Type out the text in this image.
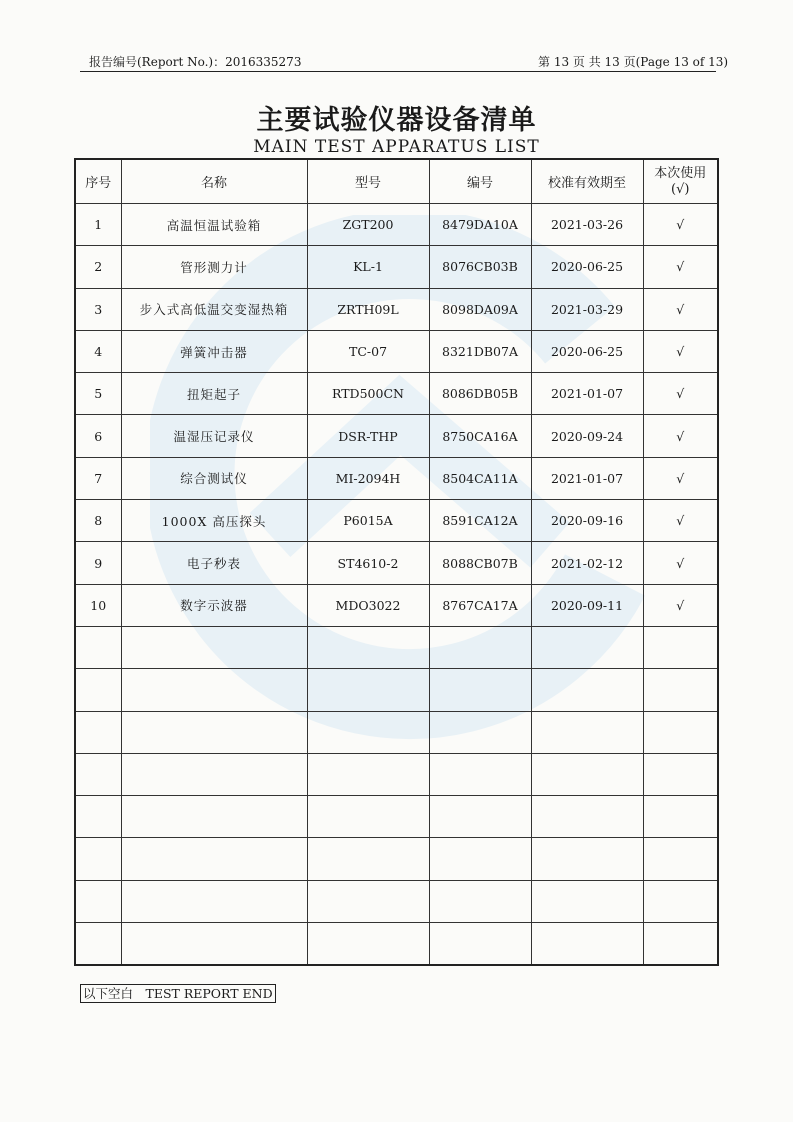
报告编号(Report No.)：2016335273	第 13 页 共 13 页(Page 13 of 13)
主要试验仪器设备清单
MAIN TEST APPARATUS LIST
序号	名称	型号	编号	校准有效期至	本次使用
(√)

1	高温恒温试验箱	ZGT200	8479DA10A	2021-03-26	√
2	管形测力计	KL-1	8076CB03B	2020-06-25	√
3	步入式高低温交变湿热箱	ZRTH09L	8098DA09A	2021-03-29	√
4	弹簧冲击器	TC-07	8321DB07A	2020-06-25	√
5	扭矩起子	RTD500CN	8086DB05B	2021-01-07	√
6	温湿压记录仪	DSR-THP	8750CA16A	2020-09-24	√
7	综合测试仪	MI-2094H	8504CA11A	2021-01-07	√
8	1000X 高压探头	P6015A	8591CA12A	2020-09-16	√
9	电子秒表	ST4610-2	8088CB07B	2021-02-12	√
10	数字示波器	MDO3022	8767CA17A	2020-09-11	√

以下空白　TEST REPORT END
